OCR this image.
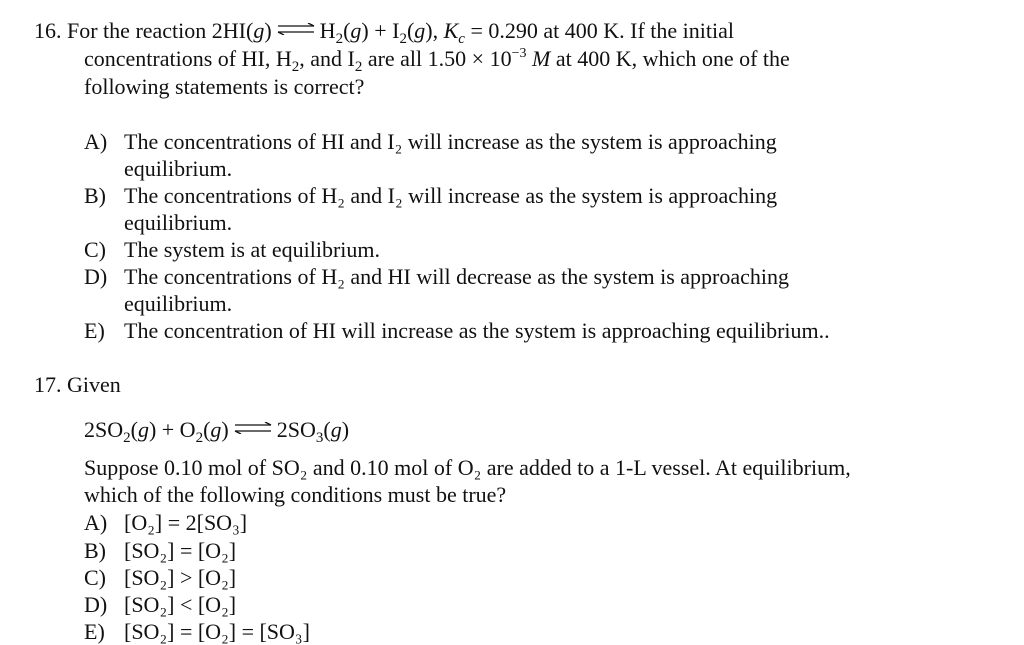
16. For the reaction 2HI(g) ⇌ $H_2(g) + I_2(g)$, $K_c = 0.290$ at 400 K. If the initial
concentrations of HI, $H_2$, and $I_2$ are all $1.50 \times 10^{-3}$ M at 400 K, which one of the
following statements is correct?
A) The concentrations of HI and I₂ will increase as the system is approaching
equilibrium.
B) The concentrations of H₂ and I₂ will increase as the system is approaching
equilibrium.
C) The system is at equilibrium.
D) The concentrations of H₂ and HI will decrease as the system is approaching
equilibrium.
E) The concentration of HI will increase as the system is approaching equilibrium..
17. Given
$2SO_2(g) + O_2(g)$ ⇌ $2SO_3(g)$
Suppose 0.10 mol of SO₂ and 0.10 mol of O₂ are added to a 1-L vessel. At equilibrium,
which of the following conditions must be true?
A) [O₂] = 2[SO₃]
B) [SO₂] = [O₂]
C) [SO₂] > [O₂]
D) [SO₂] < [O₂]
E) [SO₂] = [O₂] = [SO₃]
